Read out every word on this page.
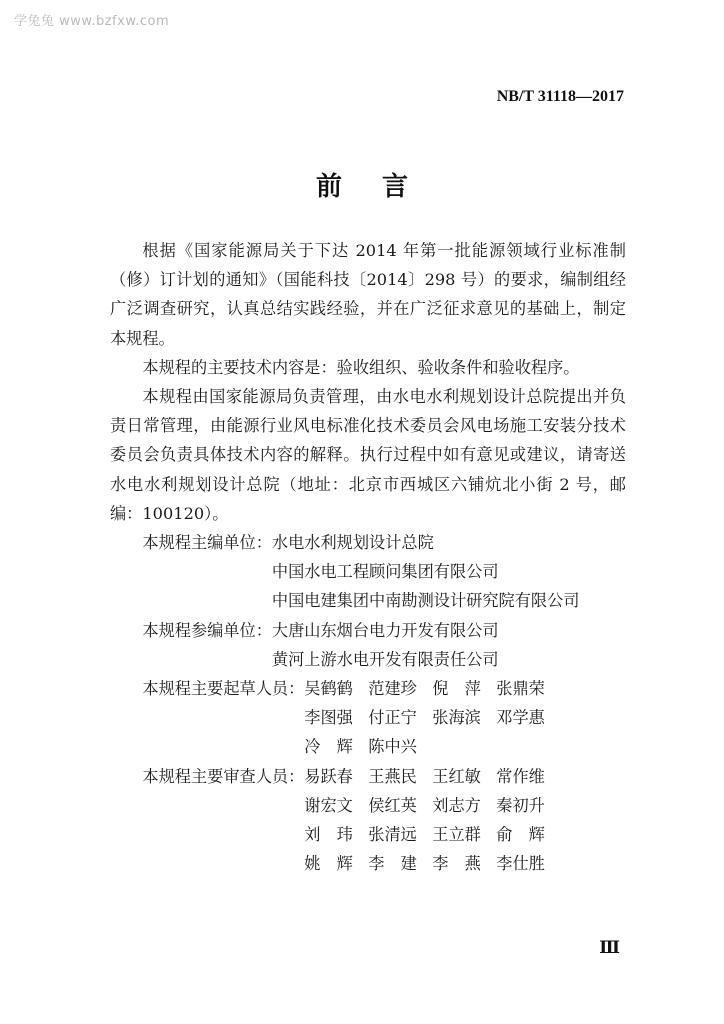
学兔兔 www.bzfxw.com
NB/T 31118—2017
前言

根据《国家能源局关于下达 2014 年第一批能源领域行业标准制（修）订计划的通知》（国能科技〔2014〕298 号）的要求，编制组经广泛调查研究，认真总结实践经验，并在广泛征求意见的基础上，制定本规程。

本规程的主要技术内容是：验收组织、验收条件和验收程序。

本规程由国家能源局负责管理，由水电水利规划设计总院提出并负责日常管理，由能源行业风电标准化技术委员会风电场施工安装分技术委员会负责具体技术内容的解释。执行过程中如有意见或建议，请寄送水电水利规划设计总院（地址：北京市西城区六铺炕北小街 2 号，邮编：100120）。

本规程主编单位： 水电水利规划设计总院
中国水电工程顾问集团有限公司
中国电建集团中南勘测设计研究院有限公司
本规程参编单位： 大唐山东烟台电力开发有限公司
黄河上游水电开发有限责任公司
本规程主要起草人员： 吴鹤鹤 范建珍 倪　萍 张鼎荣
李图强 付正宁 张海滨 邓学惠
冷　辉 陈中兴
本规程主要审查人员： 易跃春 王燕民 王红敏 常作维
谢宏文 侯红英 刘志方 秦初升
刘　玮 张清远 王立群 俞　辉
姚　辉 李　建 李　燕 李仕胜
Ⅲ
